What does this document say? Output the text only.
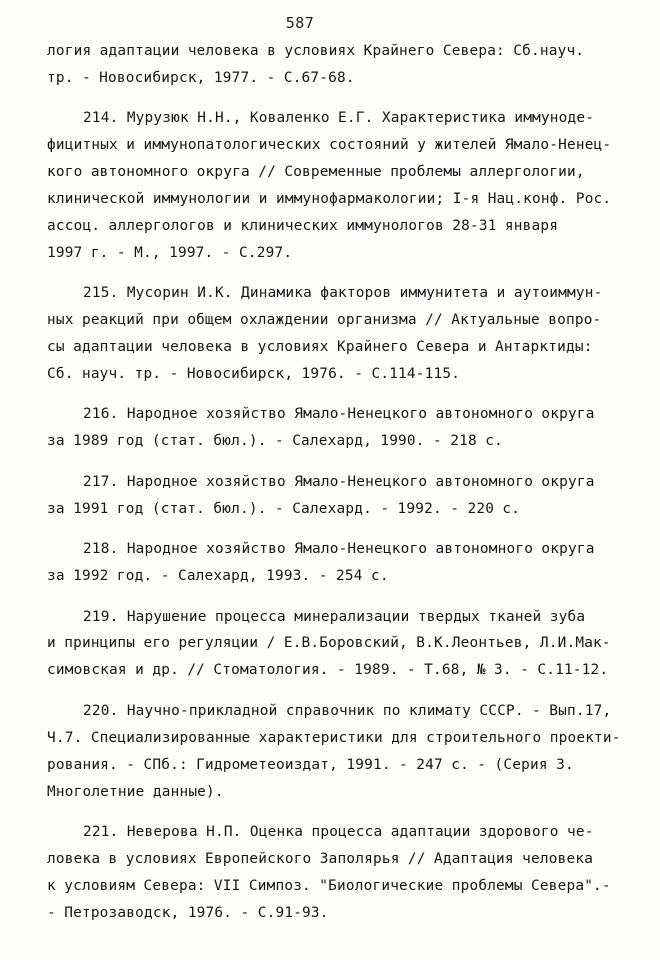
587
логия адаптации человека в условиях Крайнего Севера: Сб.науч.
тр. - Новосибирск, 1977. - С.67-68.
214. Мурузюк Н.Н., Коваленко Е.Г. Характеристика иммуноде-
фицитных и иммунопатологических состояний у жителей Ямало-Ненец-
кого автономного округа // Современные проблемы аллергологии,
клинической иммунологии и иммунофармакологии; I-я Нац.конф. Рос.
ассоц. аллергологов и клинических иммунологов 28-31 января
1997 г. - М., 1997. - С.297.
215. Мусорин И.К. Динамика факторов иммунитета и аутоиммун-
ных реакций при общем охлаждении организма // Актуальные вопро-
сы адаптации человека в условиях Крайнего Севера и Антарктиды:
Сб. науч. тр. - Новосибирск, 1976. - С.114-115.
216. Народное хозяйство Ямало-Ненецкого автономного округа
за 1989 год (стат. бюл.). - Салехард, 1990. - 218 с.
217. Народное хозяйство Ямало-Ненецкого автономного округа
за 1991 год (стат. бюл.). - Салехард. - 1992. - 220 с.
218. Народное хозяйство Ямало-Ненецкого автономного округа
за 1992 год. - Салехард, 1993. - 254 с.
219. Нарушение процесса минерализации твердых тканей зуба
и принципы его регуляции / Е.В.Боровский, В.К.Леонтьев, Л.И.Мак-
симовская и др. // Стоматология. - 1989. - Т.68, № 3. - С.11-12.
220. Научно-прикладной справочник по климату СССР. - Вып.17,
Ч.7. Специализированные характеристики для строительного проекти-
рования. - СПб.: Гидрометеоиздат, 1991. - 247 с. - (Серия 3.
Многолетние данные).
221. Неверова Н.П. Оценка процесса адаптации здорового че-
ловека в условиях Европейского Заполярья // Адаптация человека
к условиям Севера: VII Симпоз. "Биологические проблемы Севера".-
- Петрозаводск, 1976. - С.91-93.
